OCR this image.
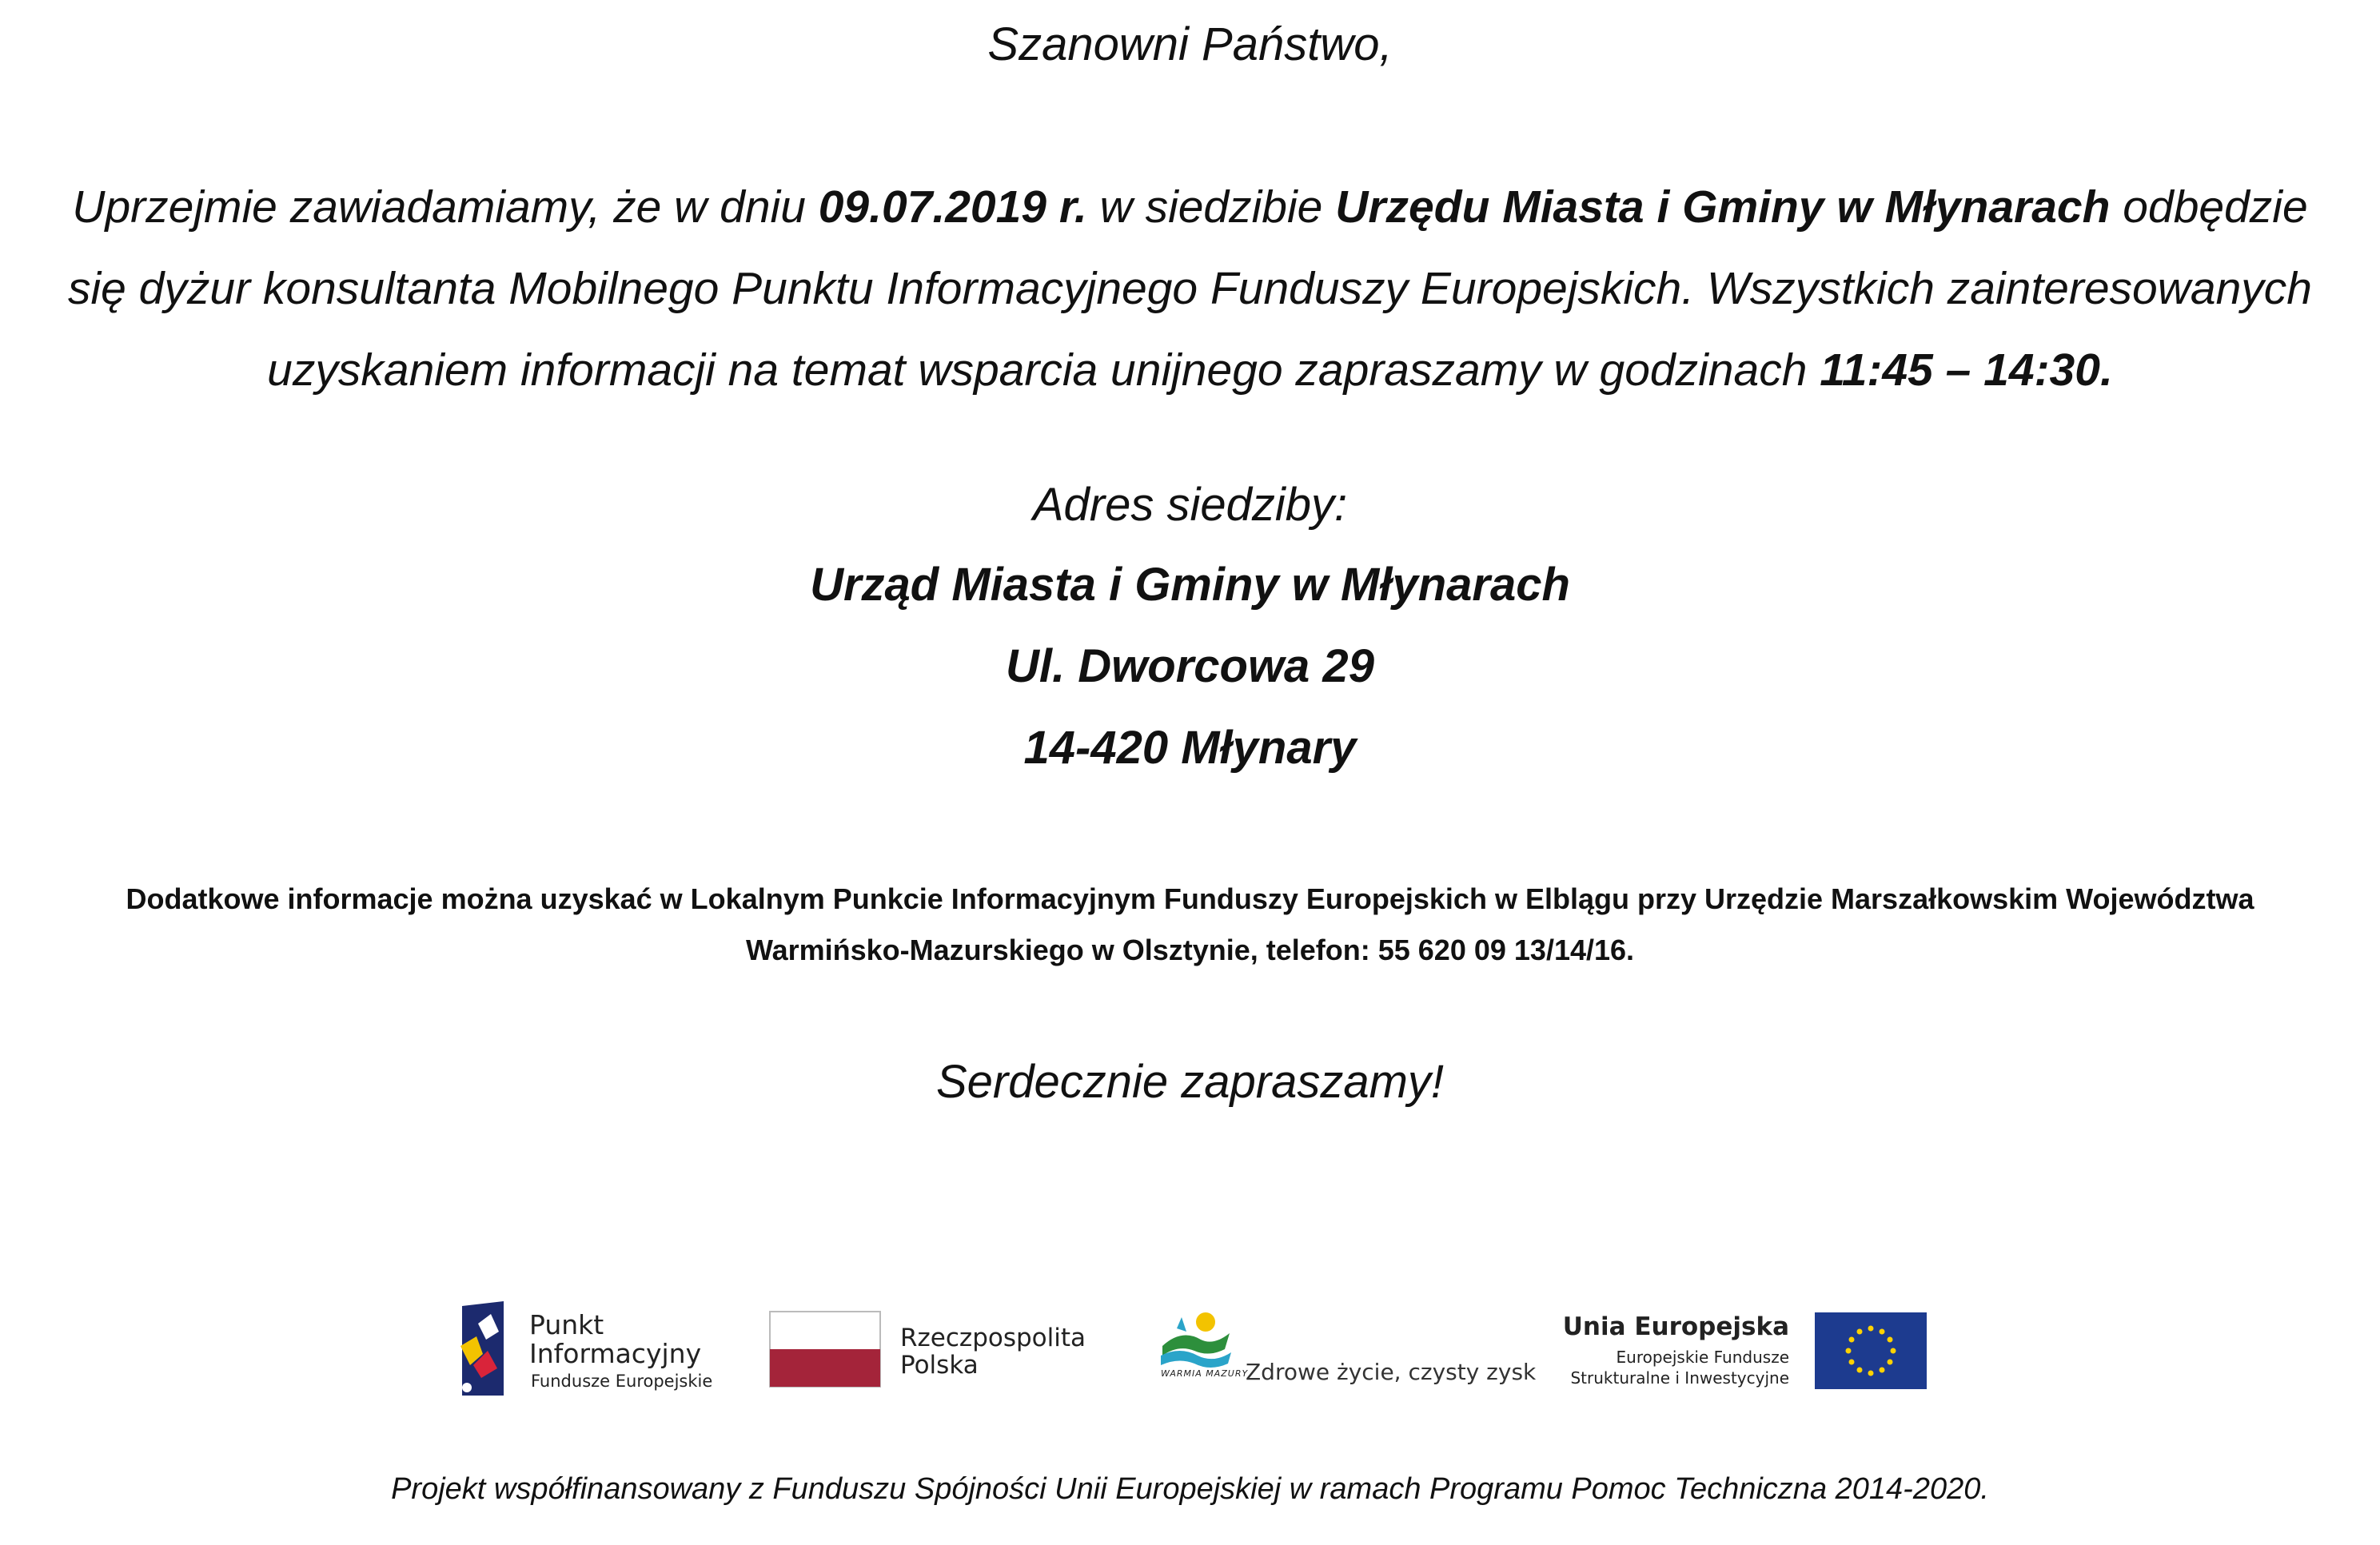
Szanowni Państwo,
Uprzejmie zawiadamiamy, że w dniu 09.07.2019 r. w siedzibie Urzędu Miasta i Gminy w Młynarach odbędzie
się dyżur konsultanta Mobilnego Punktu Informacyjnego Funduszy Europejskich. Wszystkich zainteresowanych
uzyskaniem informacji na temat wsparcia unijnego zapraszamy w godzinach 11:45 – 14:30.
Adres siedziby:
Urząd Miasta i Gminy w Młynarach
Ul. Dworcowa 29
14-420 Młynary
Dodatkowe informacje można uzyskać w Lokalnym Punkcie Informacyjnym Funduszy Europejskich w Elblągu przy Urzędzie Marszałkowskim Województwa
Warmińsko-Mazurskiego w Olsztynie, telefon: 55 620 09 13/14/16.
Serdecznie zapraszamy!
Punkt
Informacyjny
Fundusze Europejskie
Rzeczpospolita
Polska	WARMIA MAZURY
Zdrowe życie, czysty zysk
Unia Europejska
Europejskie Fundusze
Strukturalne i Inwestycyjne
Projekt współfinansowany z Funduszu Spójności Unii Europejskiej w ramach Programu Pomoc Techniczna 2014-2020.
